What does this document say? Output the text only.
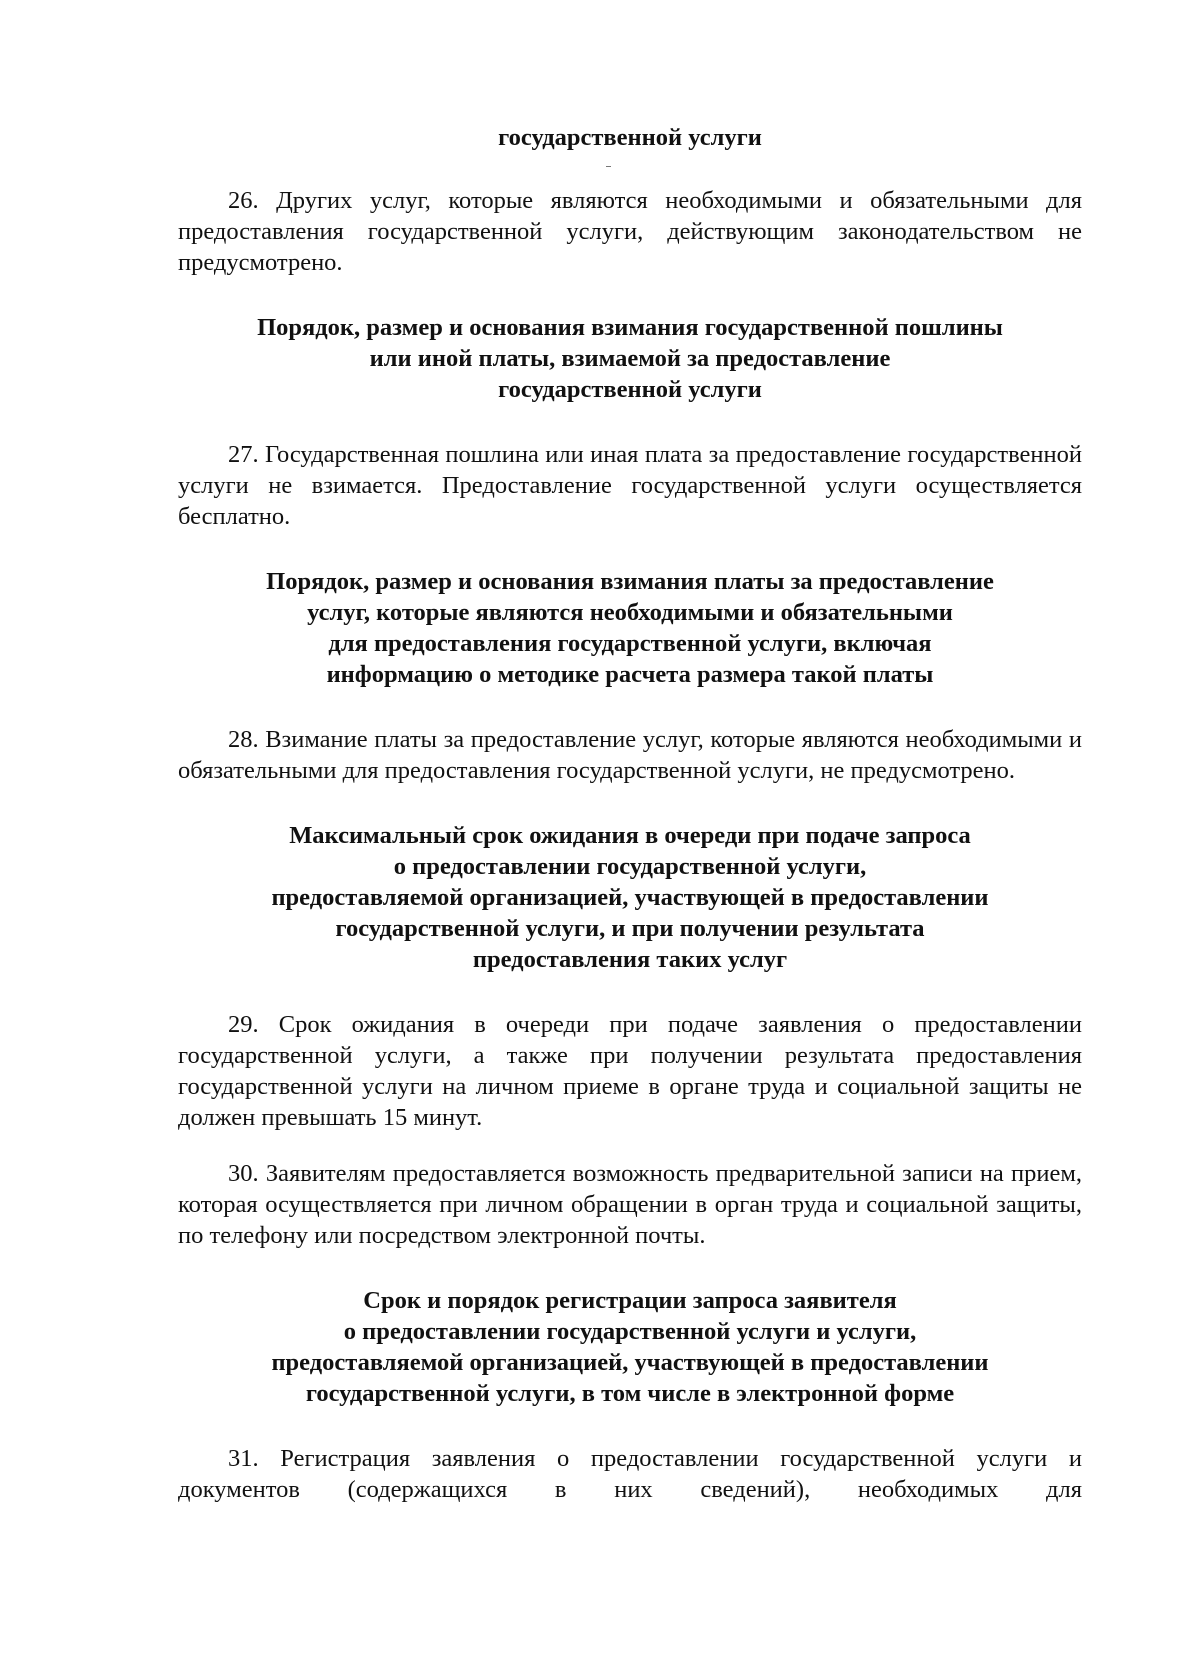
государственной услуги

26. Других услуг, которые являются необходимыми и обязательными для предоставления государственной услуги, действующим законодательством не предусмотрено.

Порядок, размер и основания взимания государственной пошлины
или иной платы, взимаемой за предоставление
государственной услуги

27. Государственная пошлина или иная плата за предоставление государственной услуги не взимается. Предоставление государственной услуги осуществляется бесплатно.

Порядок, размер и основания взимания платы за предоставление
услуг, которые являются необходимыми и обязательными
для предоставления государственной услуги, включая
информацию о методике расчета размера такой платы

28. Взимание платы за предоставление услуг, которые являются необходимыми и обязательными для предоставления государственной услуги, не предусмотрено.

Максимальный срок ожидания в очереди при подаче запроса
о предоставлении государственной услуги,
предоставляемой организацией, участвующей в предоставлении
государственной услуги, и при получении результата
предоставления таких услуг

29. Срок ожидания в очереди при подаче заявления о предоставлении государственной услуги, а также при получении результата предоставления государственной услуги на личном приеме в органе труда и социальной защиты не должен превышать 15 минут.

30. Заявителям предоставляется возможность предварительной записи на прием, которая осуществляется при личном обращении в орган труда и социальной защиты, по телефону или посредством электронной почты.

Срок и порядок регистрации запроса заявителя
о предоставлении государственной услуги и услуги,
предоставляемой организацией, участвующей в предоставлении
государственной услуги, в том числе в электронной форме

31. Регистрация заявления о предоставлении государственной услуги и документов (содержащихся в них сведений), необходимых для
